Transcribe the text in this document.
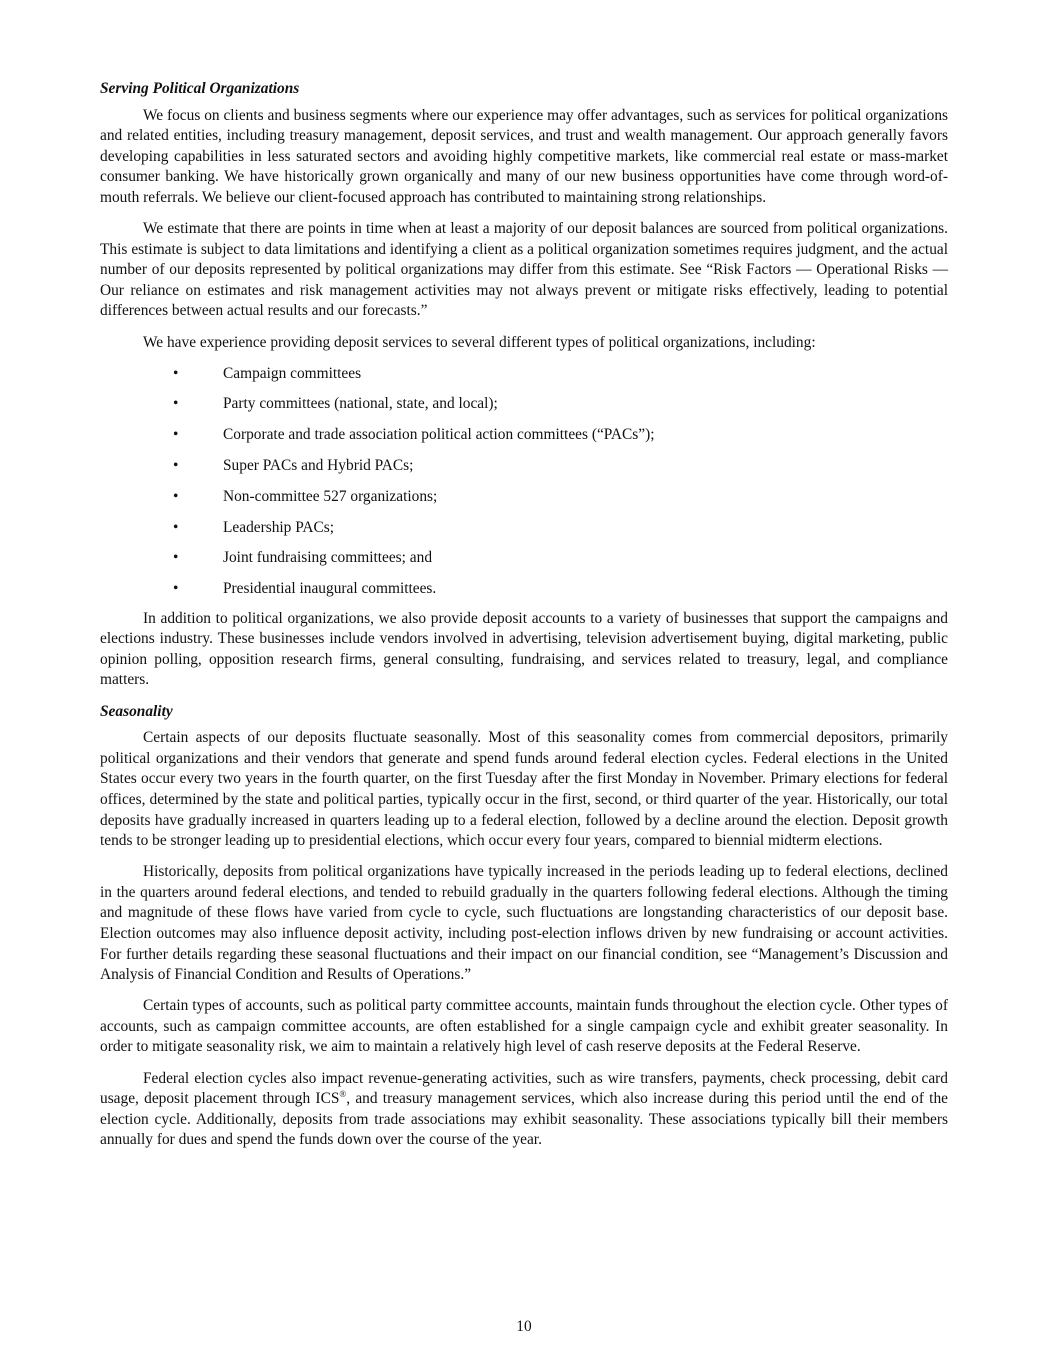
Serving Political Organizations

We focus on clients and business segments where our experience may offer advantages, such as services for political organizations and related entities, including treasury management, deposit services, and trust and wealth management. Our approach generally favors developing capabilities in less saturated sectors and avoiding highly competitive markets, like commercial real estate or mass-market consumer banking. We have historically grown organically and many of our new business opportunities have come through word-of-mouth referrals. We believe our client-focused approach has contributed to maintaining strong relationships.

We estimate that there are points in time when at least a majority of our deposit balances are sourced from political organizations. This estimate is subject to data limitations and identifying a client as a political organization sometimes requires judgment, and the actual number of our deposits represented by political organizations may differ from this estimate. See “Risk Factors — Operational Risks — Our reliance on estimates and risk management activities may not always prevent or mitigate risks effectively, leading to potential differences between actual results and our forecasts.”

We have experience providing deposit services to several different types of political organizations, including:

•	Campaign committees
•	Party committees (national, state, and local);
•	Corporate and trade association political action committees (“PACs”);
•	Super PACs and Hybrid PACs;
•	Non-committee 527 organizations;
•	Leadership PACs;
•	Joint fundraising committees; and
•	Presidential inaugural committees.

In addition to political organizations, we also provide deposit accounts to a variety of businesses that support the campaigns and elections industry. These businesses include vendors involved in advertising, television advertisement buying, digital marketing, public opinion polling, opposition research firms, general consulting, fundraising, and services related to treasury, legal, and compliance matters.

Seasonality

Certain aspects of our deposits fluctuate seasonally. Most of this seasonality comes from commercial depositors, primarily political organizations and their vendors that generate and spend funds around federal election cycles. Federal elections in the United States occur every two years in the fourth quarter, on the first Tuesday after the first Monday in November. Primary elections for federal offices, determined by the state and political parties, typically occur in the first, second, or third quarter of the year. Historically, our total deposits have gradually increased in quarters leading up to a federal election, followed by a decline around the election. Deposit growth tends to be stronger leading up to presidential elections, which occur every four years, compared to biennial midterm elections.

Historically, deposits from political organizations have typically increased in the periods leading up to federal elections, declined in the quarters around federal elections, and tended to rebuild gradually in the quarters following federal elections. Although the timing and magnitude of these flows have varied from cycle to cycle, such fluctuations are longstanding characteristics of our deposit base. Election outcomes may also influence deposit activity, including post-election inflows driven by new fundraising or account activities. For further details regarding these seasonal fluctuations and their impact on our financial condition, see “Management’s Discussion and Analysis of Financial Condition and Results of Operations.”

Certain types of accounts, such as political party committee accounts, maintain funds throughout the election cycle. Other types of accounts, such as campaign committee accounts, are often established for a single campaign cycle and exhibit greater seasonality. In order to mitigate seasonality risk, we aim to maintain a relatively high level of cash reserve deposits at the Federal Reserve.

Federal election cycles also impact revenue-generating activities, such as wire transfers, payments, check processing, debit card usage, deposit placement through ICS®, and treasury management services, which also increase during this period until the end of the election cycle. Additionally, deposits from trade associations may exhibit seasonality. These associations typically bill their members annually for dues and spend the funds down over the course of the year.

10
